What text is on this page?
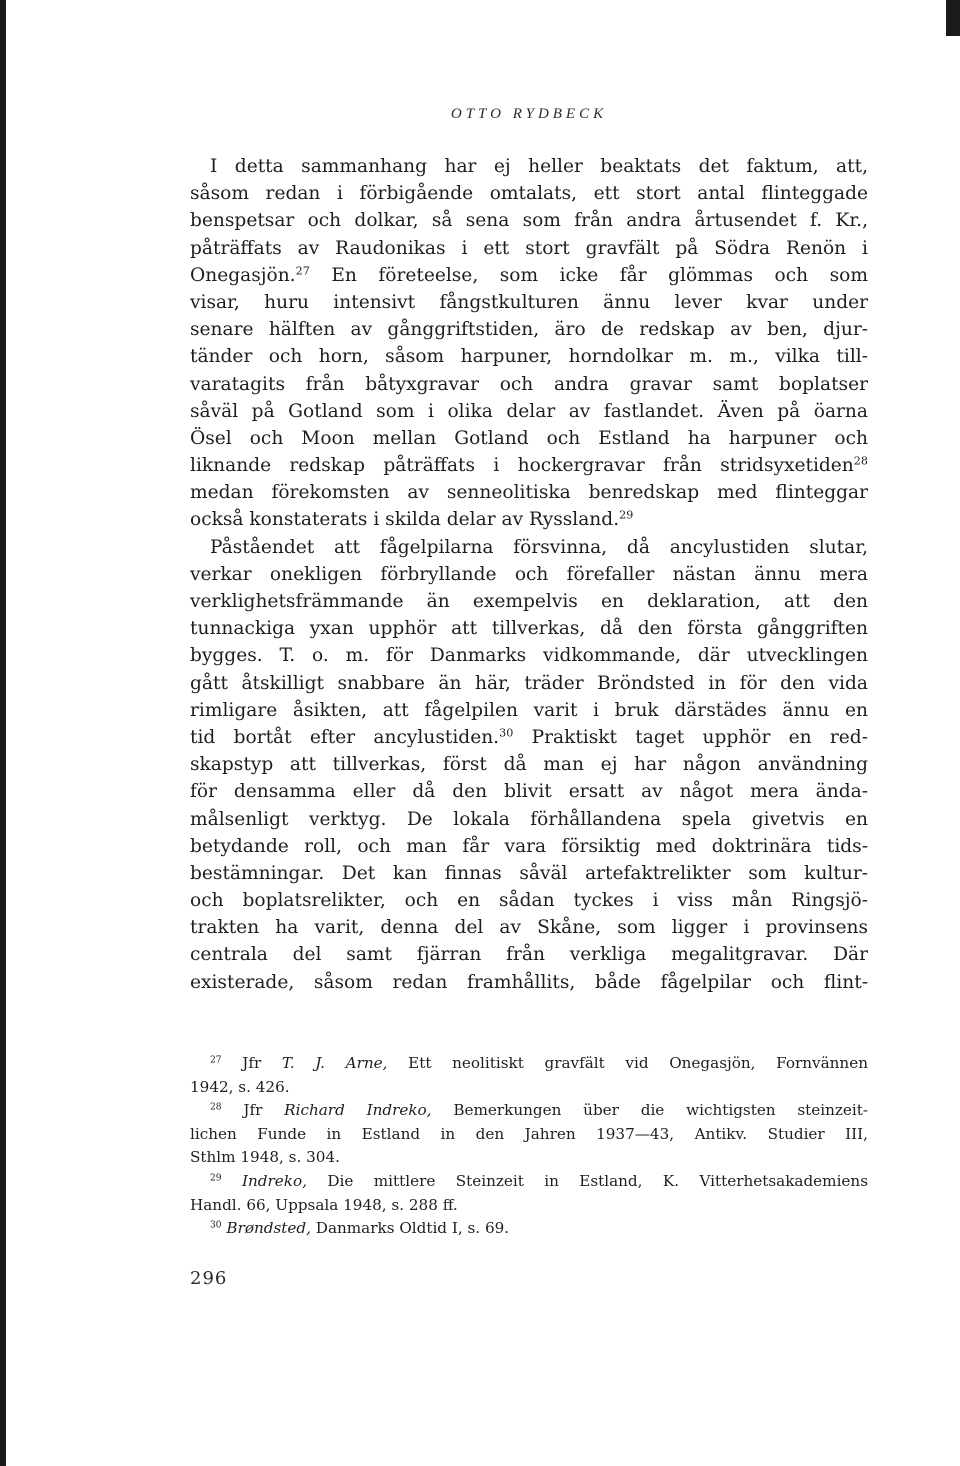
OTTO RYDBECK
I detta sammanhang har ej heller beaktats det faktum, att,
såsom redan i förbigående omtalats, ett stort antal flinteggade
benspetsar och dolkar, så sena som från andra årtusendet f. Kr.,
påträffats av Raudonikas i ett stort gravfält på Södra Renön i
Onegasjön.$^{27}$ En företeelse, som icke får glömmas och som
visar, huru intensivt fångstkulturen ännu lever kvar under
senare hälften av gånggriftstiden, äro de redskap av ben, djur-
tänder och horn, såsom harpuner, horndolkar m. m., vilka till-
varatagits från båtyxgravar och andra gravar samt boplatser
såväl på Gotland som i olika delar av fastlandet. Även på öarna
Ösel och Moon mellan Gotland och Estland ha harpuner och
liknande redskap påträffats i hockergravar från stridsyxetiden$^{28}$
medan förekomsten av senneolitiska benredskap med flinteggar
också konstaterats i skilda delar av Ryssland.$^{29}$
Påståendet att fågelpilarna försvinna, då ancylustiden slutar,
verkar onekligen förbryllande och förefaller nästan ännu mera
verklighetsfrämmande än exempelvis en deklaration, att den
tunnackiga yxan upphör att tillverkas, då den första gånggriften
bygges. T. o. m. för Danmarks vidkommande, där utvecklingen
gått åtskilligt snabbare än här, träder Bröndsted in för den vida
rimligare åsikten, att fågelpilen varit i bruk därstädes ännu en
tid bortåt efter ancylustiden.$^{30}$ Praktiskt taget upphör en red-
skapstyp att tillverkas, först då man ej har någon användning
för densamma eller då den blivit ersatt av något mera ända-
målsenligt verktyg. De lokala förhållandena spela givetvis en
betydande roll, och man får vara försiktig med doktrinära tids-
bestämningar. Det kan finnas såväl artefaktrelikter som kultur-
och boplatsrelikter, och en sådan tyckes i viss mån Ringsjö-
trakten ha varit, denna del av Skåne, som ligger i provinsens
centrala del samt fjärran från verkliga megalitgravar. Där
existerade, såsom redan framhållits, både fågelpilar och flint-
$^{27}$ Jfr T. J. Arne, Ett neolitiskt gravfält vid Onegasjön, Fornvännen
1942, s. 426.
$^{28}$ Jfr Richard Indreko, Bemerkungen über die wichtigsten steinzeit-
lichen Funde in Estland in den Jahren 1937—43, Antikv. Studier III,
Sthlm 1948, s. 304.
$^{29}$ Indreko, Die mittlere Steinzeit in Estland, K. Vitterhetsakademiens
Handl. 66, Uppsala 1948, s. 288 ff.
$^{30}$ Brøndsted, Danmarks Oldtid I, s. 69.
296
